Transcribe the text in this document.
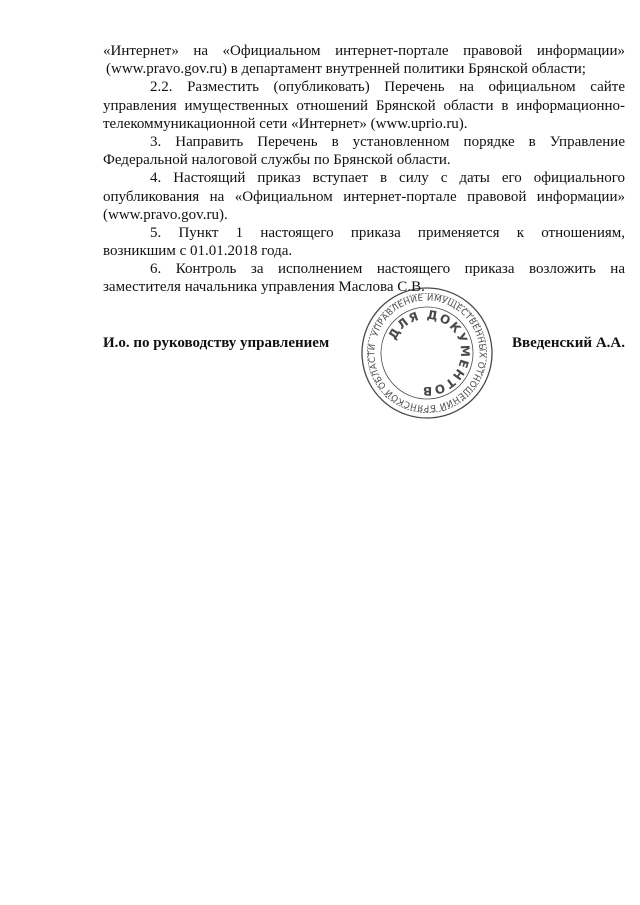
«Интернет» на «Официальном интернет-портале правовой информации»
(www.pravo.gov.ru) в департамент внутренней политики Брянской области;
2.2. Разместить (опубликовать) Перечень на официальном сайте
управления имущественных отношений Брянской области в информационно-
телекоммуникационной сети «Интернет» (www.uprio.ru).
3. Направить Перечень в установленном порядке в Управление
Федеральной налоговой службы по Брянской области.
4. Настоящий приказ вступает в силу с даты его официального
опубликования на «Официальном интернет-портале правовой информации»
(www.pravo.gov.ru).
5. Пункт 1 настоящего приказа применяется к отношениям,
возникшим с 01.01.2018 года.
6. Контроль за исполнением настоящего приказа возложить на
заместителя начальника управления Маслова С.В.
И.о. по руководству управлением	Введенский А.А.
УПРАВЛЕНИЕ ИМУЩЕСТВЕННЫХ ОТНОШЕНИЙ БРЯНСКОЙ ОБЛАСТИ
ДЛЯ ДОКУМЕНТОВ
